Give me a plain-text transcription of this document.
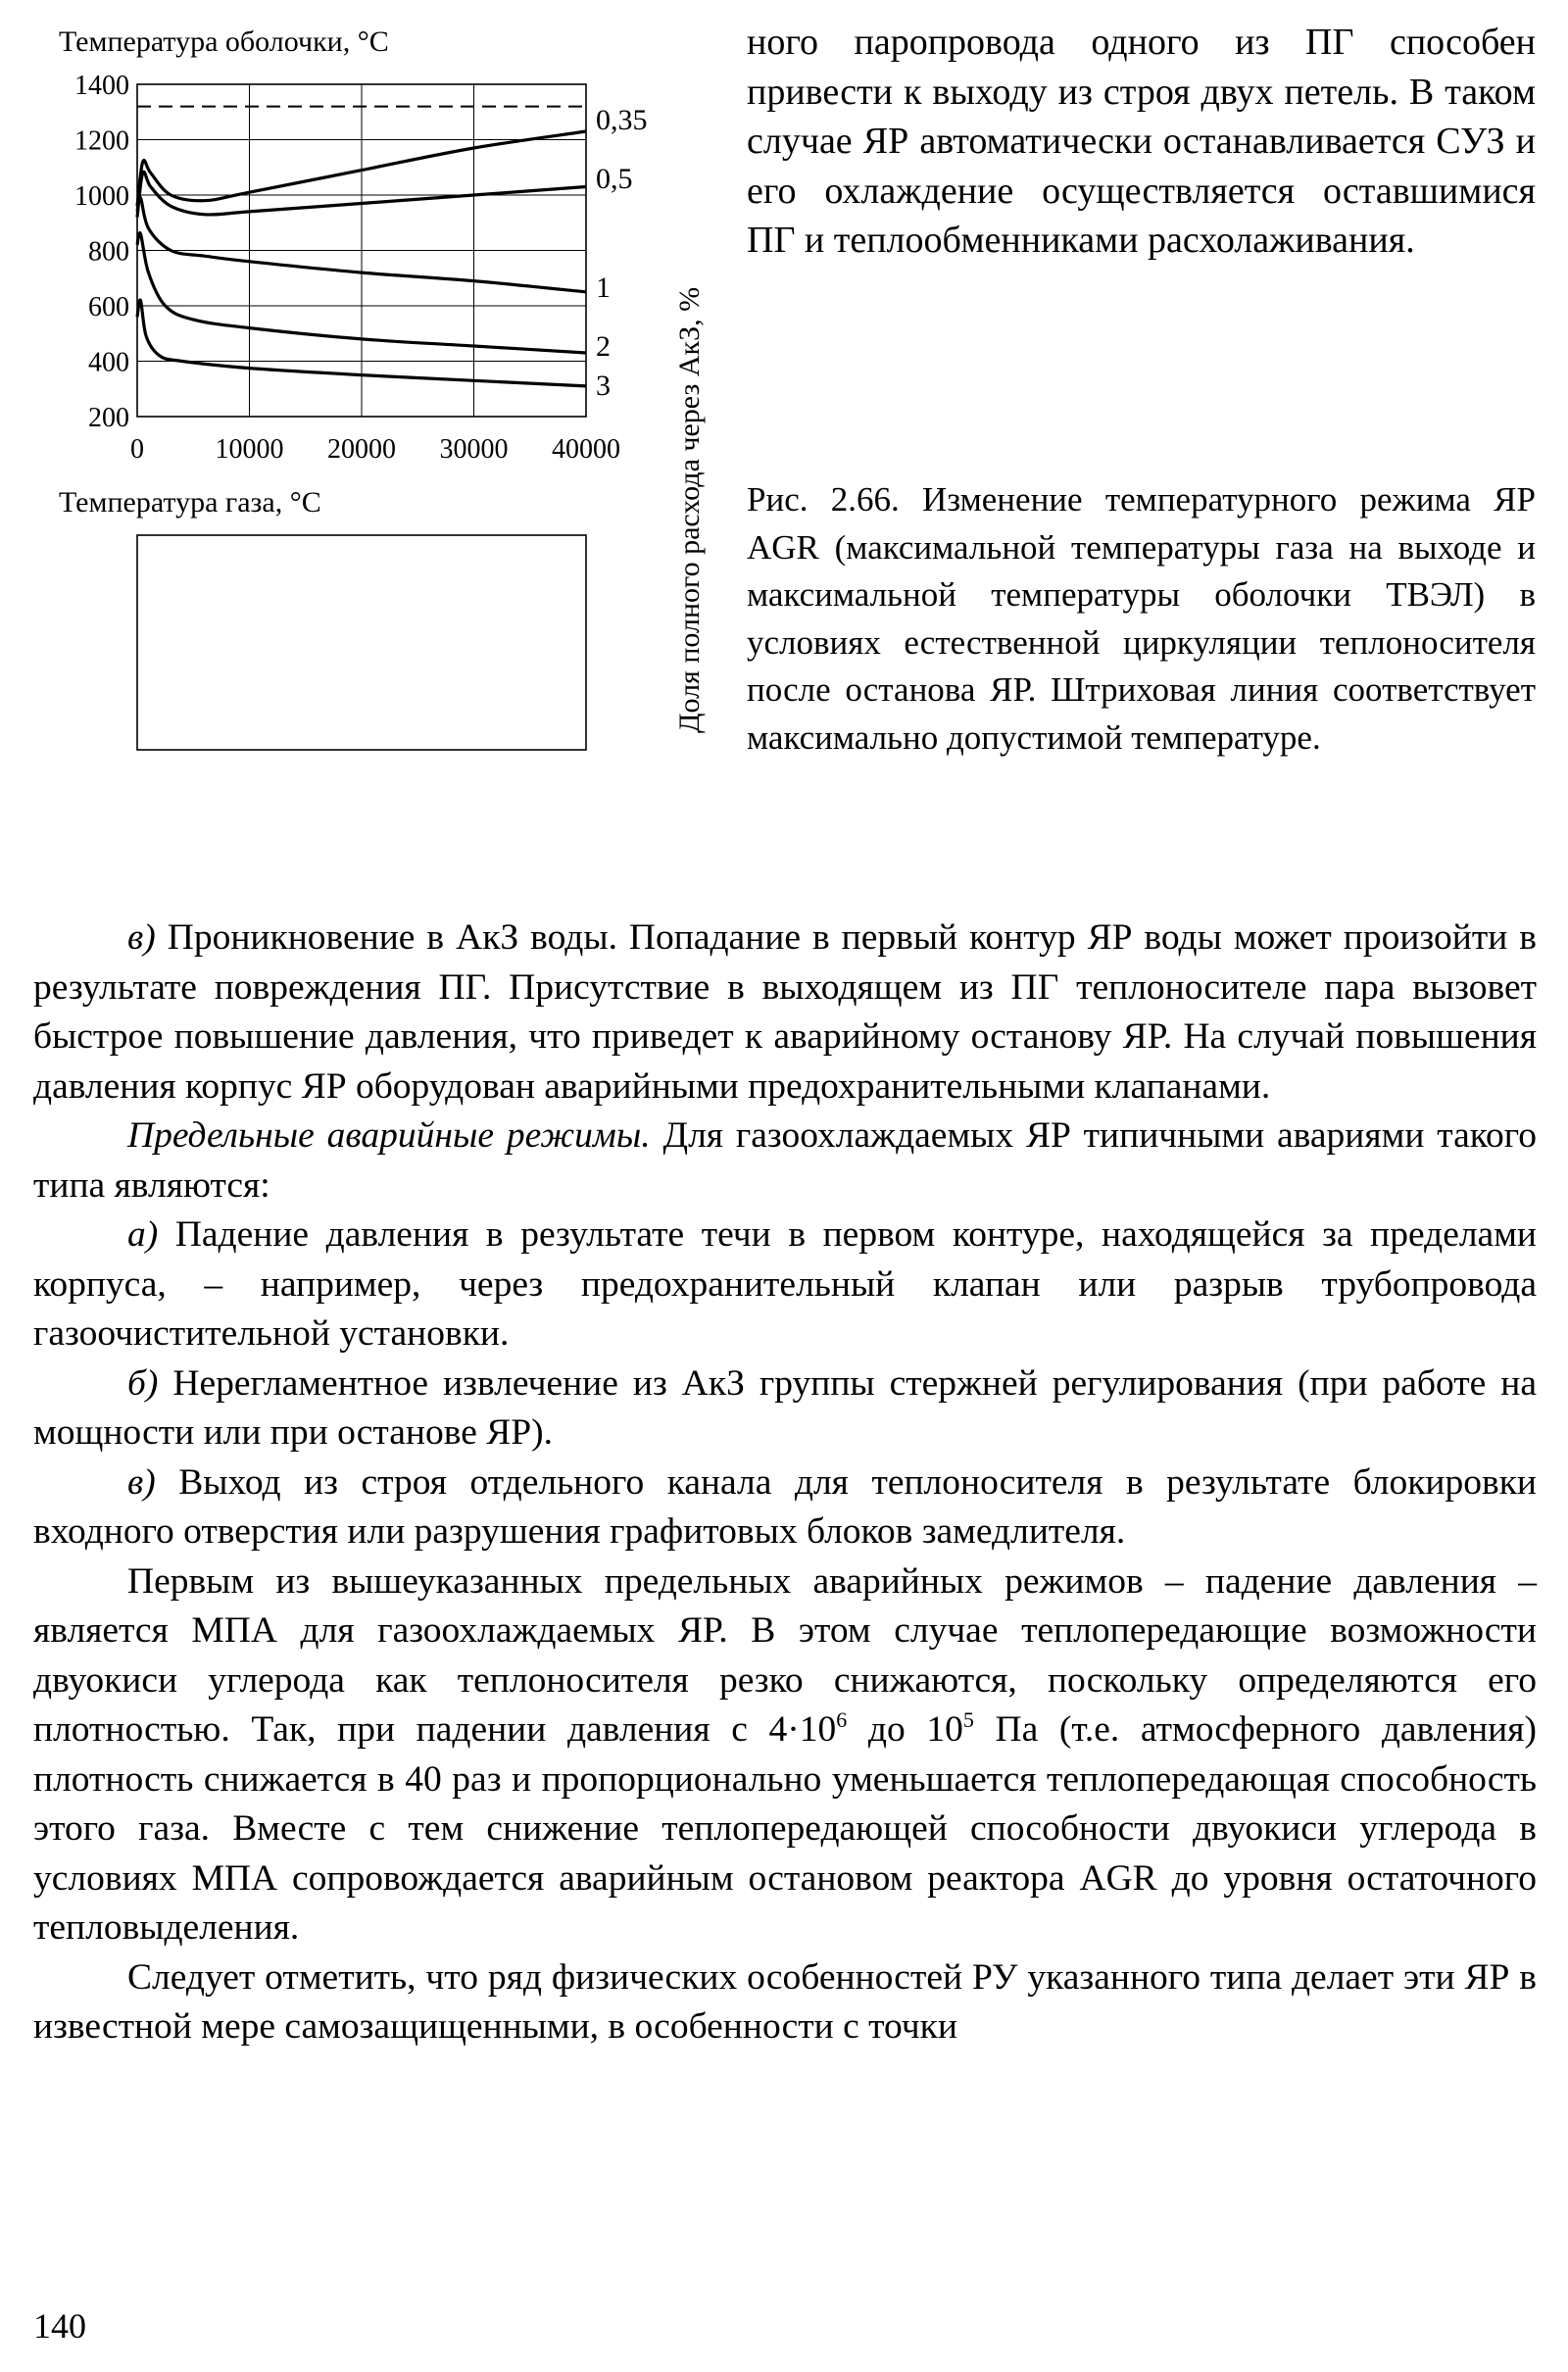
Температура оболочки, °С
Температура газа, °С	Доля полного расхода через АкЗ, %
1400
1200
1000
800
600
400
200
0	10000 20000 30000 40000
0,35
0,5
1
2
3

ного паропровода одного из ПГ способен привести к выходу из строя двух петель. В таком случае ЯР автоматически останавливается СУЗ и его охлаждение осуществляется оставшимися ПГ и теплообменниками расхолаживания.

Рис. 2.66. Изменение температурного режима ЯР AGR (максимальной температуры газа на выходе и максимальной температуры оболочки ТВЭЛ) в условиях естественной циркуляции теплоносителя после останова ЯР. Штриховая линия соответствует максимально допустимой температуре.

в) Проникновение в АкЗ воды. Попадание в первый контур ЯР воды может произойти в результате повреждения ПГ. Присутствие в выходящем из ПГ теплоносителе пара вызовет быстрое повышение давления, что приведет к аварийному останову ЯР. На случай повышения давления корпус ЯР оборудован аварийными предохранительными клапанами.

Предельные аварийные режимы. Для газоохлаждаемых ЯР типичными авариями такого типа являются:

а) Падение давления в результате течи в первом контуре, находящейся за пределами корпуса, – например, через предохранительный клапан или разрыв трубопровода газоочистительной установки.

б) Нерегламентное извлечение из АкЗ группы стержней регулирования (при работе на мощности или при останове ЯР).

в) Выход из строя отдельного канала для теплоносителя в результате блокировки входного отверстия или разрушения графитовых блоков замедлителя.

Первым из вышеуказанных предельных аварийных режимов – падение давления – является МПА для газоохлаждаемых ЯР. В этом случае теплопередающие возможности двуокиси углерода как теплоносителя резко снижаются, поскольку определяются его плотностью. Так, при падении давления с $4\cdot 10^6$ до $10^5$ Па (т.е. атмосферного давления) плотность снижается в 40 раз и пропорционально уменьшается теплопередающая способность этого газа. Вместе с тем снижение теплопередающей способности двуокиси углерода в условиях МПА сопровождается аварийным остановом реактора AGR до уровня остаточного тепловыделения.

Следует отметить, что ряд физических особенностей РУ указанного типа делает эти ЯР в известной мере самозащищенными, в особенности с точки

140
